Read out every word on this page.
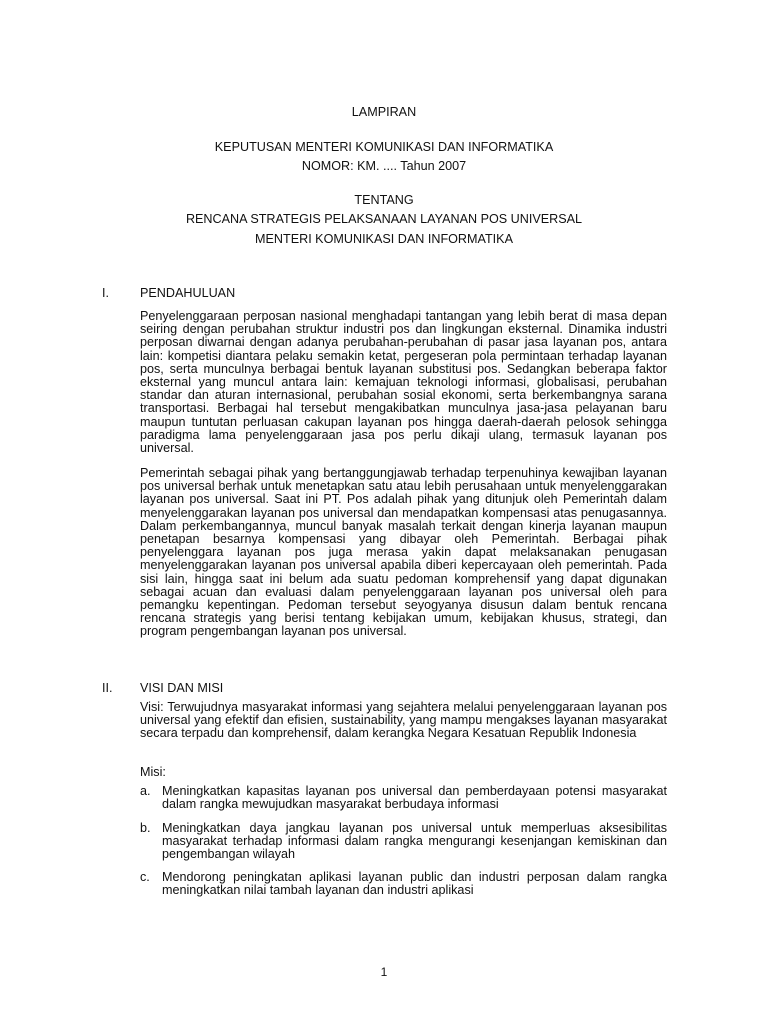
LAMPIRAN
KEPUTUSAN MENTERI KOMUNIKASI DAN INFORMATIKA
NOMOR: KM. .... Tahun 2007
TENTANG
RENCANA STRATEGIS PELAKSANAAN LAYANAN POS UNIVERSAL
MENTERI KOMUNIKASI DAN INFORMATIKA
I. PENDAHULUAN
Penyelenggaraan perposan nasional menghadapi tantangan yang lebih berat di masa depan seiring dengan perubahan struktur industri pos dan lingkungan eksternal. Dinamika industri perposan diwarnai dengan adanya perubahan-perubahan di pasar jasa layanan pos, antara lain: kompetisi diantara pelaku semakin ketat, pergeseran pola permintaan terhadap layanan pos, serta munculnya berbagai bentuk layanan substitusi pos. Sedangkan beberapa faktor eksternal yang muncul antara lain: kemajuan teknologi informasi, globalisasi, perubahan standar dan aturan internasional, perubahan sosial ekonomi, serta berkembangnya sarana transportasi. Berbagai hal tersebut mengakibatkan munculnya jasa-jasa pelayanan baru maupun tuntutan perluasan cakupan layanan pos hingga daerah-daerah pelosok sehingga paradigma lama penyelenggaraan jasa pos perlu dikaji ulang, termasuk layanan pos universal.
Pemerintah sebagai pihak yang bertanggungjawab terhadap terpenuhinya kewajiban layanan pos universal berhak untuk menetapkan satu atau lebih perusahaan untuk menyelenggarakan layanan pos universal. Saat ini PT. Pos adalah pihak yang ditunjuk oleh Pemerintah dalam menyelenggarakan layanan pos universal dan mendapatkan kompensasi atas penugasannya. Dalam perkembangannya, muncul banyak masalah terkait dengan kinerja layanan maupun penetapan besarnya kompensasi yang dibayar oleh Pemerintah. Berbagai pihak penyelenggara layanan pos juga merasa yakin dapat melaksanakan penugasan menyelenggarakan layanan pos universal apabila diberi kepercayaan oleh pemerintah. Pada sisi lain, hingga saat ini belum ada suatu pedoman komprehensif yang dapat digunakan sebagai acuan dan evaluasi dalam penyelenggaraan layanan pos universal oleh para pemangku kepentingan. Pedoman tersebut seyogyanya disusun dalam bentuk rencana rencana strategis yang berisi tentang kebijakan umum, kebijakan khusus, strategi, dan program pengembangan layanan pos universal.
II. VISI DAN MISI
Visi: Terwujudnya masyarakat informasi yang sejahtera melalui penyelenggaraan layanan pos universal yang efektif dan efisien, sustainability, yang mampu mengakses layanan masyarakat secara terpadu dan komprehensif, dalam kerangka Negara Kesatuan Republik Indonesia
Misi:
a. Meningkatkan kapasitas layanan pos universal dan pemberdayaan potensi masyarakat dalam rangka mewujudkan masyarakat berbudaya informasi
b. Meningkatkan daya jangkau layanan pos universal untuk memperluas aksesibilitas masyarakat terhadap informasi dalam rangka mengurangi kesenjangan kemiskinan dan pengembangan wilayah
c. Mendorong peningkatan aplikasi layanan public dan industri perposan dalam rangka meningkatkan nilai tambah layanan dan industri aplikasi
1
